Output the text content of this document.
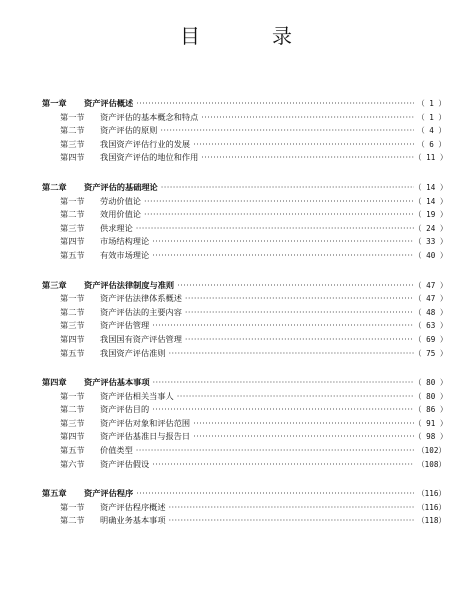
目　录
第一章	资产评估概述 ·····	（ 1 ）
第一节	资产评估的基本概念和特点 ·····	（ 1 ）
第二节	资产评估的原则 ·····	（ 4 ）
第三节	我国资产评估行业的发展 ·····	（ 6 ）
第四节	我国资产评估的地位和作用 ·····	（ 11 ）
第二章	资产评估的基础理论 ·····	（ 14 ）
第一节	劳动价值论 ·····	（ 14 ）
第二节	效用价值论 ·····	（ 19 ）
第三节	供求理论 ·····	（ 24 ）
第四节	市场结构理论 ·····	（ 33 ）
第五节	有效市场理论 ·····	（ 40 ）
第三章	资产评估法律制度与准则 ·····	（ 47 ）
第一节	资产评估法律体系概述 ·····	（ 47 ）
第二节	资产评估法的主要内容 ·····	（ 48 ）
第三节	资产评估管理 ·····	（ 63 ）
第四节	我国国有资产评估管理 ·····	（ 69 ）
第五节	我国资产评估准则 ·····	（ 75 ）
第四章	资产评估基本事项 ·····	（ 80 ）
第一节	资产评估相关当事人 ·····	（ 80 ）
第二节	资产评估目的 ·····	（ 86 ）
第三节	资产评估对象和评估范围 ·····	（ 91 ）
第四节	资产评估基准日与报告日 ·····	（ 98 ）
第五节	价值类型 ·····	（102）
第六节	资产评估假设 ·····	（108）
第五章	资产评估程序 ·····	（116）
第一节	资产评估程序概述 ·····	（116）
第二节	明确业务基本事项 ·····	（118）
